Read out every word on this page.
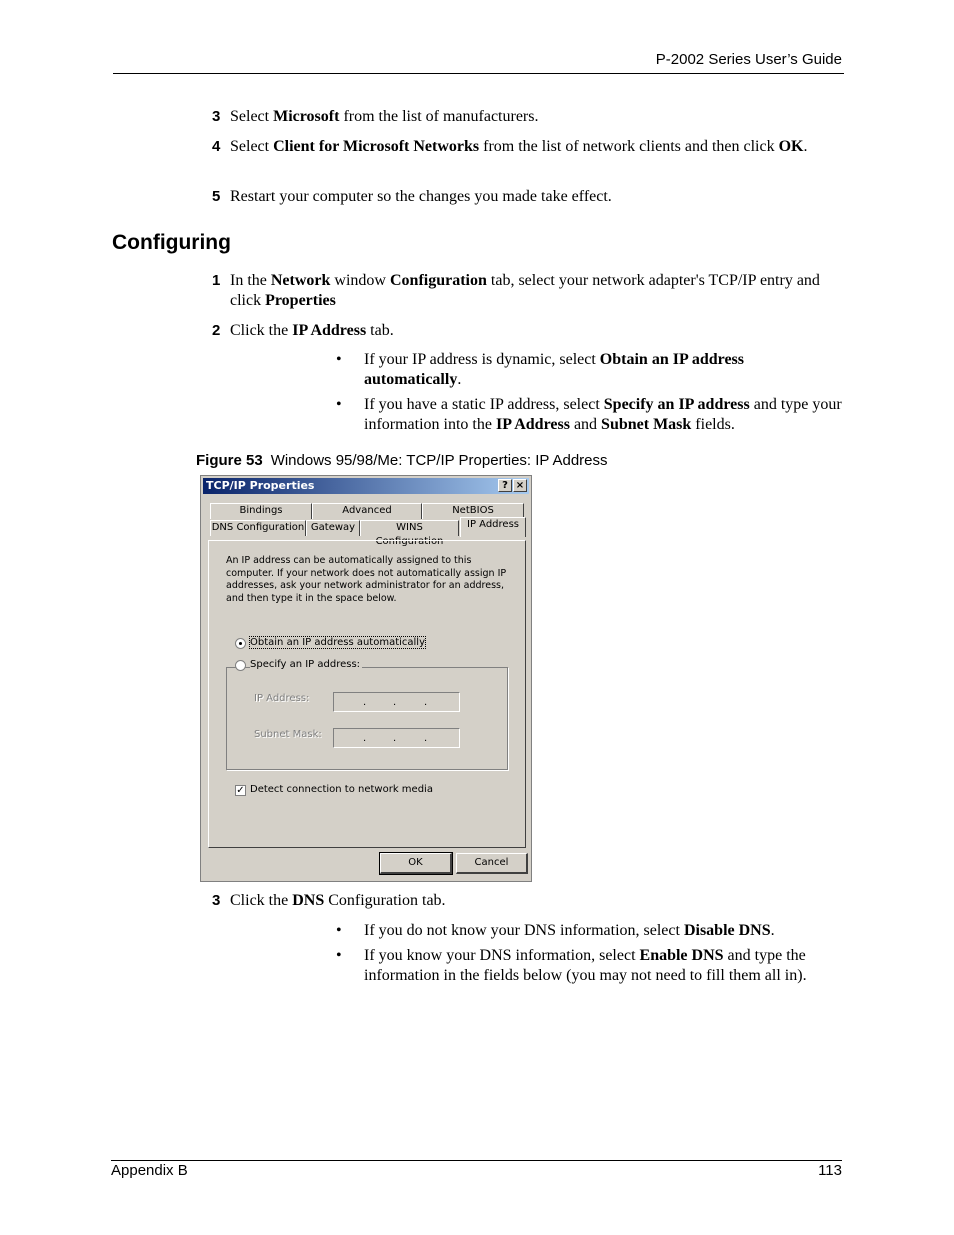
P-2002 Series User’s Guide
3 Select Microsoft from the list of manufacturers.
4 Select Client for Microsoft Networks from the list of network clients and then click OK.
5 Restart your computer so the changes you made take effect.
Configuring
1 In the Network window Configuration tab, select your network adapter's TCP/IP entry and click Properties
2 Click the IP Address tab.
• If your IP address is dynamic, select Obtain an IP address automatically.
• If you have a static IP address, select Specify an IP address and type your information into the IP Address and Subnet Mask fields.
Figure 53 Windows 95/98/Me: TCP/IP Properties: IP Address
TCP/IP Properties	? ×
Bindings	Advanced	NetBIOS
DNS Configuration Gateway	WINS Configuration
IP Address
An IP address can be automatically assigned to this computer. If your network does not automatically assign IP addresses, ask your network administrator for an address, and then type it in the space below.
Obtain an IP address automatically
Specify an IP address:
IP Address:	.	.	.
Subnet Mask:	.	.	.
✓ Detect connection to network media
OK	Cancel
3 Click the DNS Configuration tab.
• If you do not know your DNS information, select Disable DNS.
• If you know your DNS information, select Enable DNS and type the information in the fields below (you may not need to fill them all in).
Appendix B	113
